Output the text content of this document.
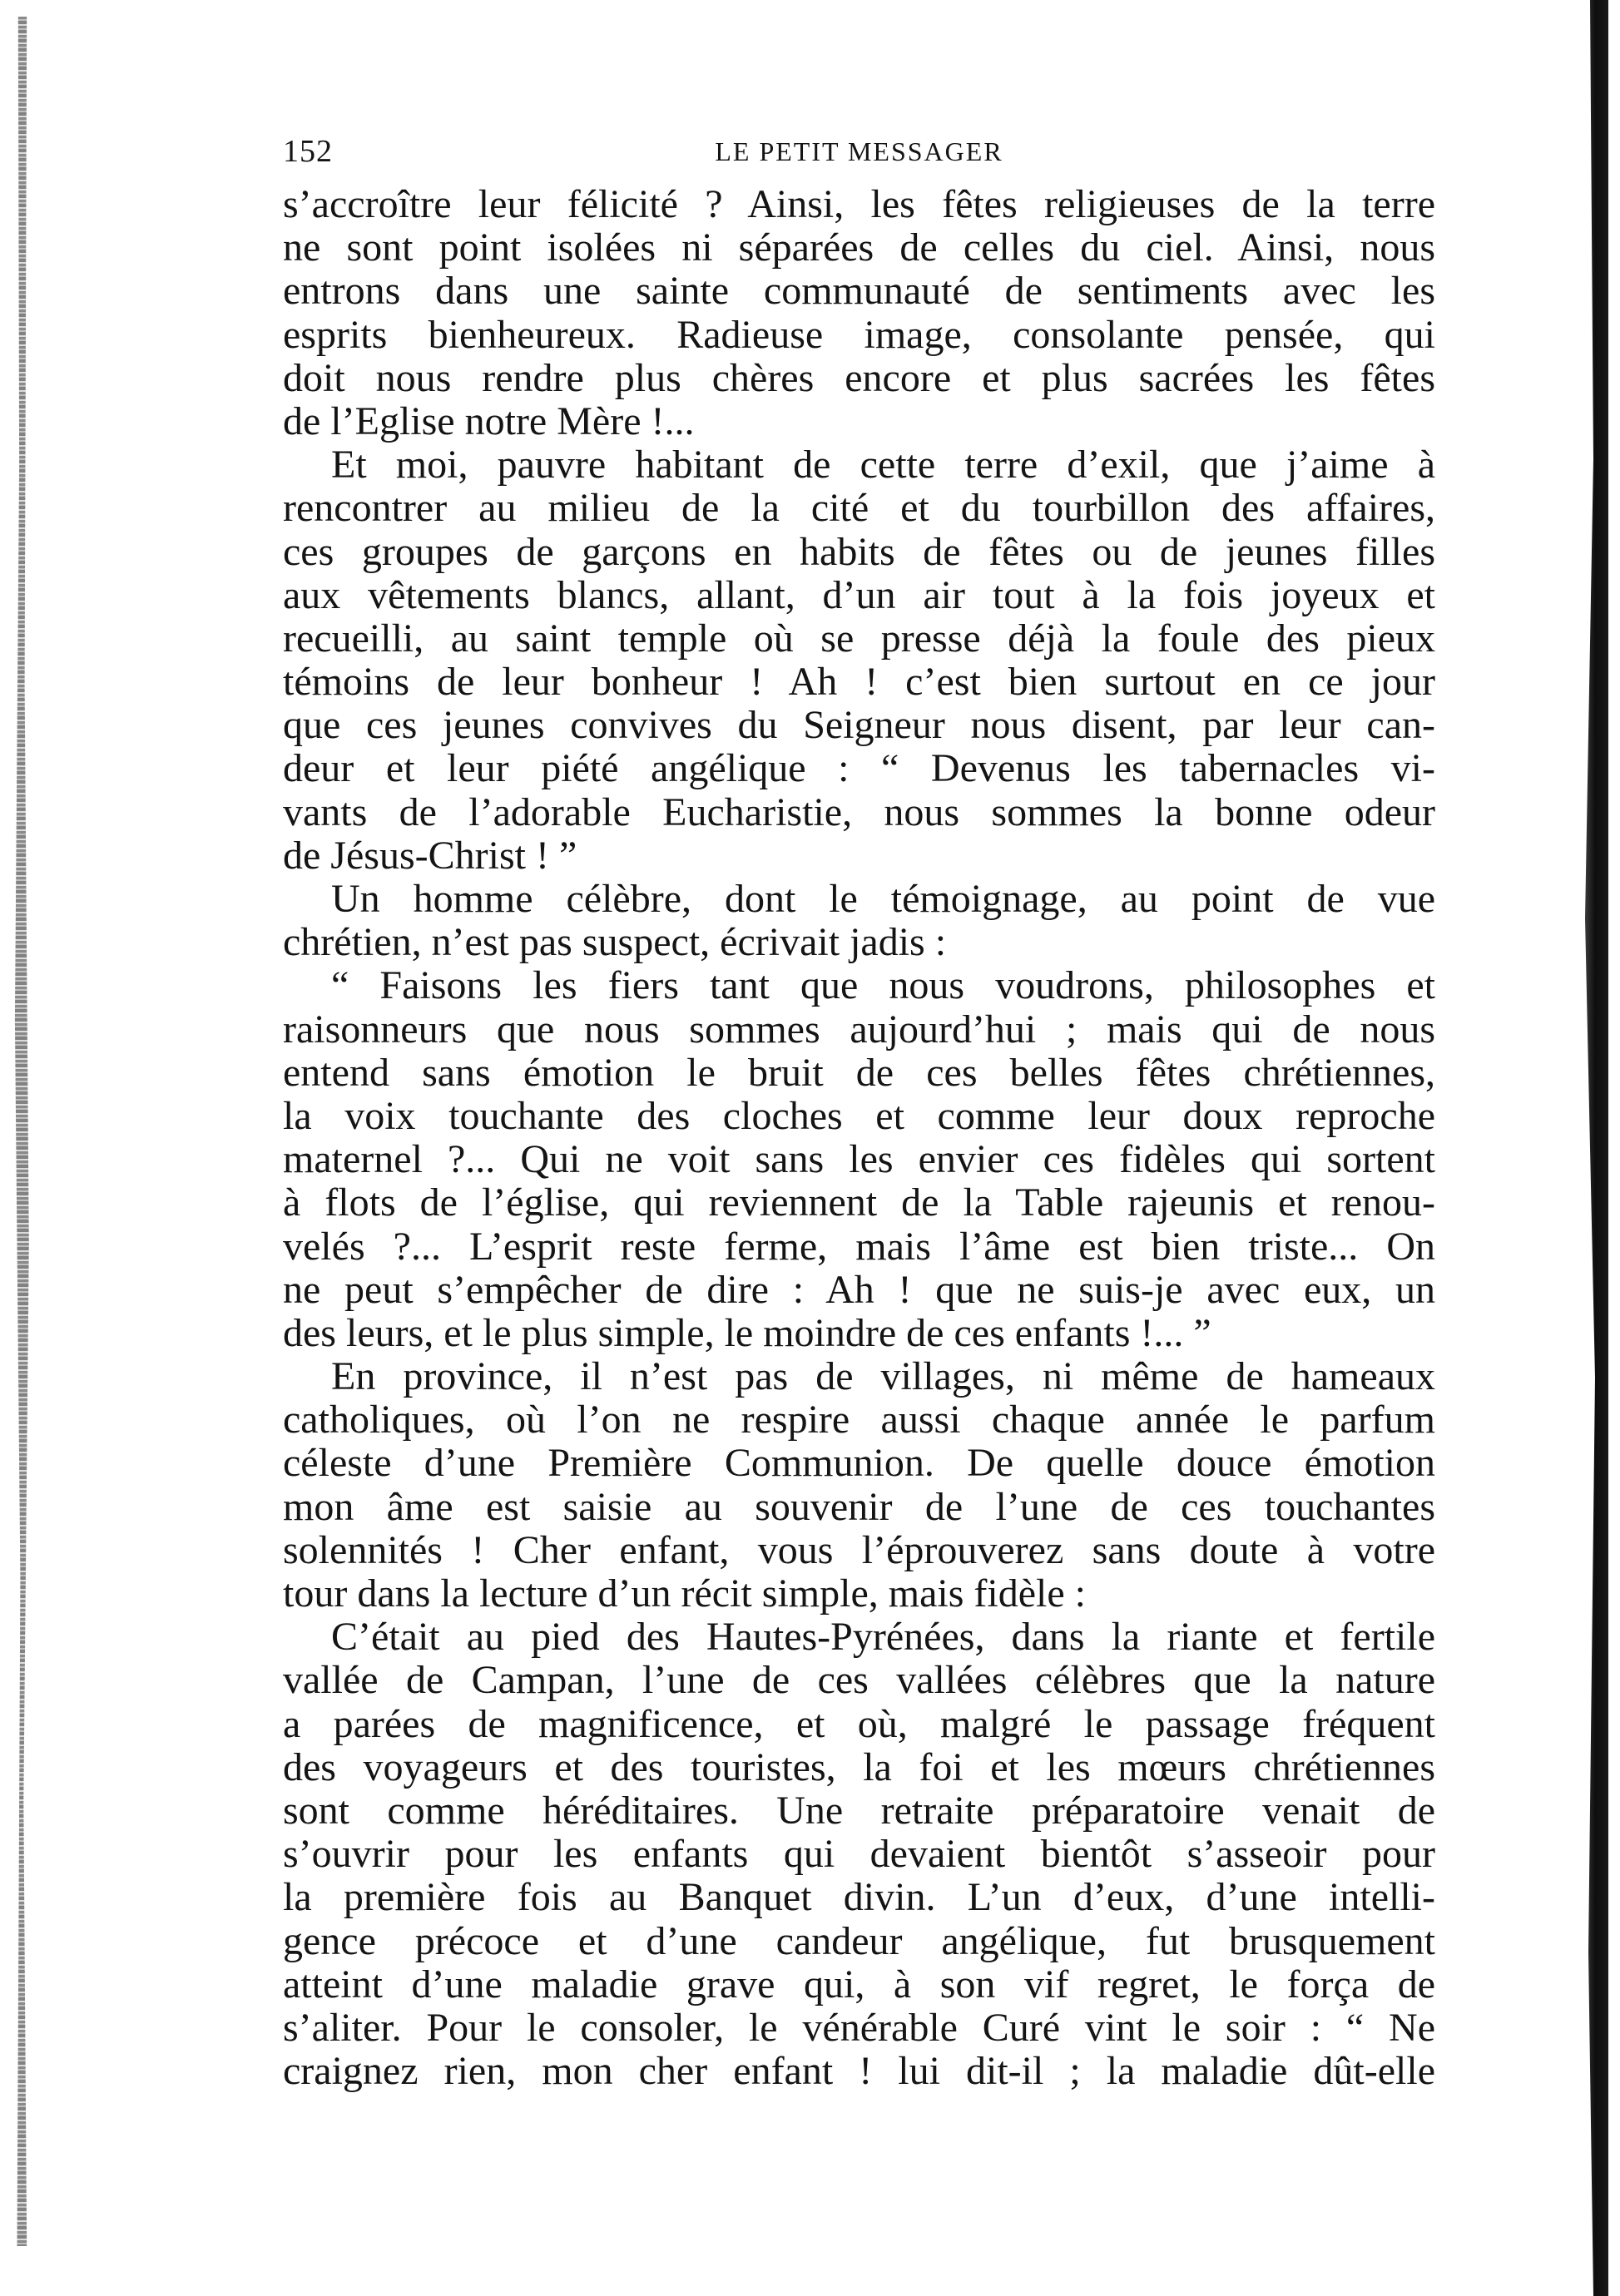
152	LE PETIT MESSAGER
s’accroître leur félicité ? Ainsi, les fêtes religieuses de la terre
ne sont point isolées ni séparées de celles du ciel. Ainsi, nous
entrons dans une sainte communauté de sentiments avec les
esprits bienheureux. Radieuse image, consolante pensée, qui
doit nous rendre plus chères encore et plus sacrées les fêtes
de l’Eglise notre Mère !...
Et moi, pauvre habitant de cette terre d’exil, que j’aime à
rencontrer au milieu de la cité et du tourbillon des affaires,
ces groupes de garçons en habits de fêtes ou de jeunes filles
aux vêtements blancs, allant, d’un air tout à la fois joyeux et
recueilli, au saint temple où se presse déjà la foule des pieux
témoins de leur bonheur ! Ah ! c’est bien surtout en ce jour
que ces jeunes convives du Seigneur nous disent, par leur can-
deur et leur piété angélique : “ Devenus les tabernacles vi-
vants de l’adorable Eucharistie, nous sommes la bonne odeur
de Jésus-Christ ! ”
Un homme célèbre, dont le témoignage, au point de vue
chrétien, n’est pas suspect, écrivait jadis :
“ Faisons les fiers tant que nous voudrons, philosophes et
raisonneurs que nous sommes aujourd’hui ; mais qui de nous
entend sans émotion le bruit de ces belles fêtes chrétiennes,
la voix touchante des cloches et comme leur doux reproche
maternel ?... Qui ne voit sans les envier ces fidèles qui sortent
à flots de l’église, qui reviennent de la Table rajeunis et renou-
velés ?... L’esprit reste ferme, mais l’âme est bien triste... On
ne peut s’empêcher de dire : Ah ! que ne suis-je avec eux, un
des leurs, et le plus simple, le moindre de ces enfants !... ”
En province, il n’est pas de villages, ni même de hameaux
catholiques, où l’on ne respire aussi chaque année le parfum
céleste d’une Première Communion. De quelle douce émotion
mon âme est saisie au souvenir de l’une de ces touchantes
solennités ! Cher enfant, vous l’éprouverez sans doute à votre
tour dans la lecture d’un récit simple, mais fidèle :
C’était au pied des Hautes-Pyrénées, dans la riante et fertile
vallée de Campan, l’une de ces vallées célèbres que la nature
a parées de magnificence, et où, malgré le passage fréquent
des voyageurs et des touristes, la foi et les mœurs chrétiennes
sont comme héréditaires. Une retraite préparatoire venait de
s’ouvrir pour les enfants qui devaient bientôt s’asseoir pour
la première fois au Banquet divin. L’un d’eux, d’une intelli-
gence précoce et d’une candeur angélique, fut brusquement
atteint d’une maladie grave qui, à son vif regret, le força de
s’aliter. Pour le consoler, le vénérable Curé vint le soir : “ Ne
craignez rien, mon cher enfant ! lui dit-il ; la maladie dût-elle
